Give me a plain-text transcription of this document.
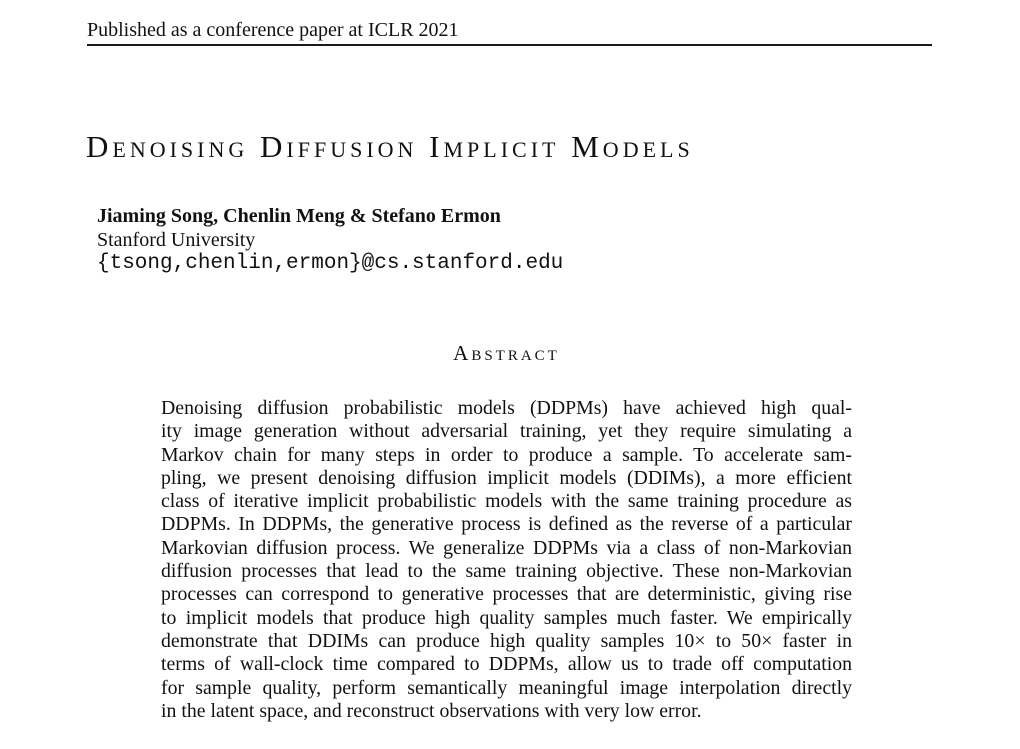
Published as a conference paper at ICLR 2021
Denoising Diffusion Implicit Models
Jiaming Song, Chenlin Meng & Stefano Ermon
Stanford University
{tsong,chenlin,ermon}@cs.stanford.edu
Abstract
Denoising diffusion probabilistic models (DDPMs) have achieved high qual-
ity image generation without adversarial training, yet they require simulating a
Markov chain for many steps in order to produce a sample. To accelerate sam-
pling, we present denoising diffusion implicit models (DDIMs), a more efficient
class of iterative implicit probabilistic models with the same training procedure as
DDPMs. In DDPMs, the generative process is defined as the reverse of a particular
Markovian diffusion process. We generalize DDPMs via a class of non-Markovian
diffusion processes that lead to the same training objective. These non-Markovian
processes can correspond to generative processes that are deterministic, giving rise
to implicit models that produce high quality samples much faster. We empirically
demonstrate that DDIMs can produce high quality samples 10× to 50× faster in
terms of wall-clock time compared to DDPMs, allow us to trade off computation
for sample quality, perform semantically meaningful image interpolation directly
in the latent space, and reconstruct observations with very low error.
